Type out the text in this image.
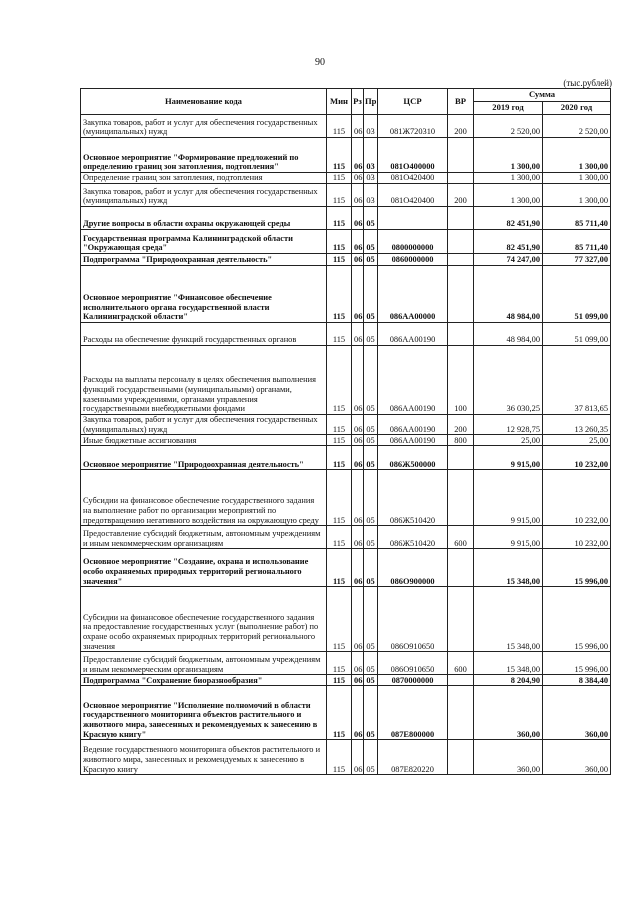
90
(тыс.рублей)
Наименование кода	Мин	Рз	Пр	ЦСР	ВР	Сумма	
						2019 год	2020 год
Закупка товаров, работ и услуг для обеспечения государственных (муниципальных) нужд	115	06	03	081Ж720310	200	2 520,00	2 520,00
Основное мероприятие "Формирование предложений по определению границ зон затопления, подтопления"	115	06	03	081О400000		1 300,00	1 300,00
Определение границ зон затопления, подтопления	115	06	03	081О420400		1 300,00	1 300,00
Закупка товаров, работ и услуг для обеспечения государственных (муниципальных) нужд	115	06	03	081О420400	200	1 300,00	1 300,00
Другие вопросы в области охраны окружающей среды	115	06	05			82 451,90	85 711,40
Государственная программа Калининградской области "Окружающая среда"	115	06	05	0800000000		82 451,90	85 711,40
Подпрограмма "Природоохранная деятельность"	115	06	05	0860000000		74 247,00	77 327,00
Основное мероприятие "Финансовое обеспечение исполнительного органа государственной власти Калининградской области"	115	06	05	086АА00000		48 984,00	51 099,00
Расходы на обеспечение функций государственных органов	115	06	05	086АА00190		48 984,00	51 099,00
Расходы на выплаты персоналу в целях обеспечения выполнения функций государственными (муниципальными) органами, казенными учреждениями, органами управления государственными внебюджетными фондами	115	06	05	086АА00190	100	36 030,25	37 813,65
Закупка товаров, работ и услуг для обеспечения государственных (муниципальных) нужд	115	06	05	086АА00190	200	12 928,75	13 260,35
Иные бюджетные ассигнования	115	06	05	086АА00190	800	25,00	25,00
Основное мероприятие "Природоохранная деятельность"	115	06	05	086Ж500000		9 915,00	10 232,00
Субсидии на финансовое обеспечение государственного задания на выполнение работ по организации мероприятий по предотвращению негативного воздействия на окружающую среду	115	06	05	086Ж510420		9 915,00	10 232,00
Предоставление субсидий бюджетным, автономным учреждениям и иным некоммерческим организациям	115	06	05	086Ж510420	600	9 915,00	10 232,00
Основное мероприятие "Создание, охрана и использование особо охраняемых природных территорий регионального значения"	115	06	05	086О900000		15 348,00	15 996,00
Субсидии на финансовое обеспечение государственного задания на предоставление государственных услуг (выполнение работ) по охране особо охраняемых природных территорий регионального значения	115	06	05	086О910650		15 348,00	15 996,00
Предоставление субсидий бюджетным, автономным учреждениям и иным некоммерческим организациям	115	06	05	086О910650	600	15 348,00	15 996,00
Подпрограмма "Сохранение биоразнообразия"	115	06	05	0870000000		8 204,90	8 384,40
Основное мероприятие "Исполнение полномочий в области государственного мониторинга объектов растительного и животного мира, занесенных и рекомендуемых к занесению в Красную книгу"	115	06	05	087Е800000		360,00	360,00
Ведение государственного мониторинга объектов растительного и животного мира, занесенных и рекомендуемых к занесению в Красную книгу	115	06	05	087Е820220		360,00	360,00
